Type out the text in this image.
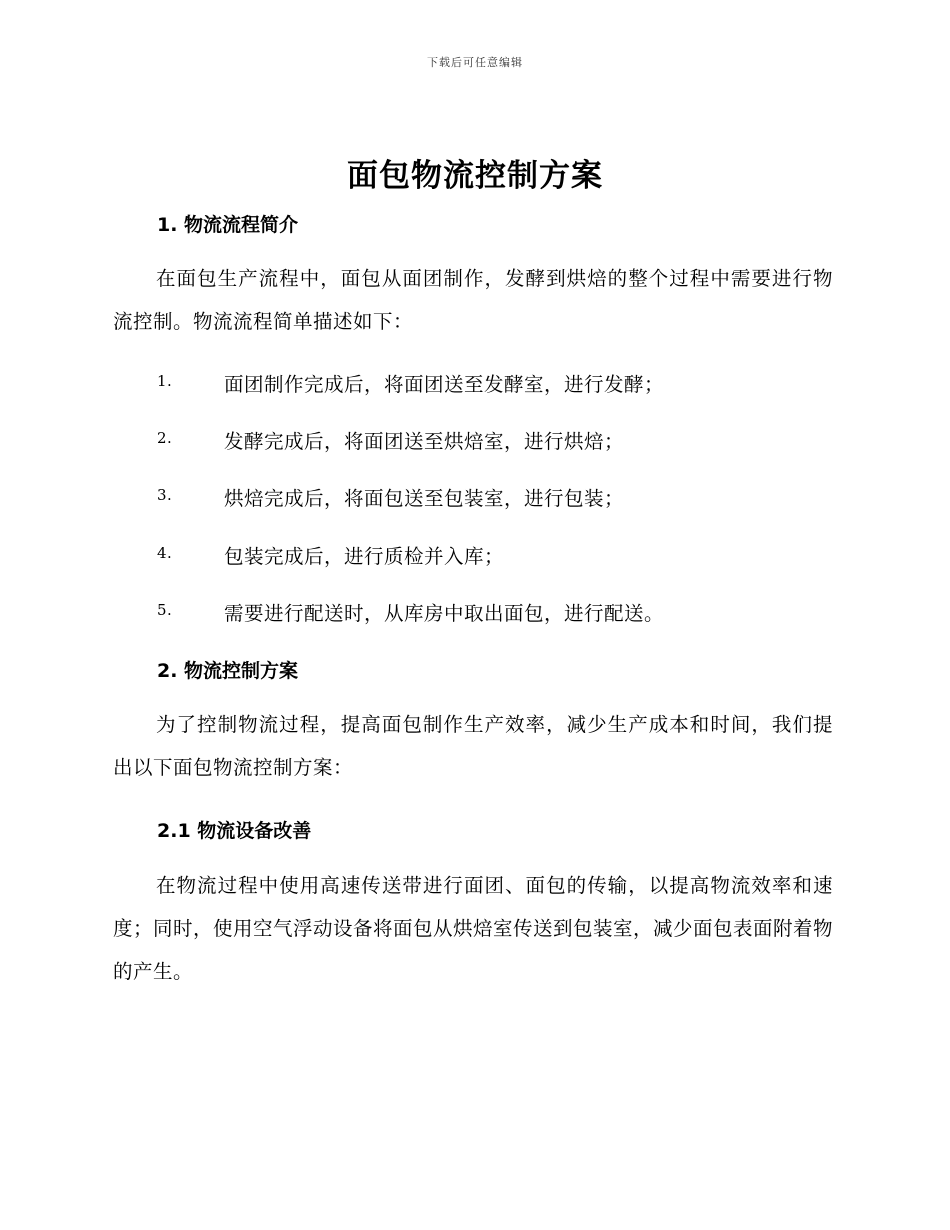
下载后可任意编辑
面包物流控制方案
1. 物流流程简介
在面包生产流程中，面包从面团制作，发酵到烘焙的整个过程中需要进行物流控制。物流流程简单描述如下：
1.	面团制作完成后，将面团送至发酵室，进行发酵；
2.	发酵完成后，将面团送至烘焙室，进行烘焙；
3.	烘焙完成后，将面包送至包装室，进行包装；
4.	包装完成后，进行质检并入库；
5.	需要进行配送时，从库房中取出面包，进行配送。
2. 物流控制方案
为了控制物流过程，提高面包制作生产效率，减少生产成本和时间，我们提出以下面包物流控制方案：
2.1 物流设备改善
在物流过程中使用高速传送带进行面团、面包的传输，以提高物流效率和速度；同时，使用空气浮动设备将面包从烘焙室传送到包装室，减少面包表面附着物的产生。
